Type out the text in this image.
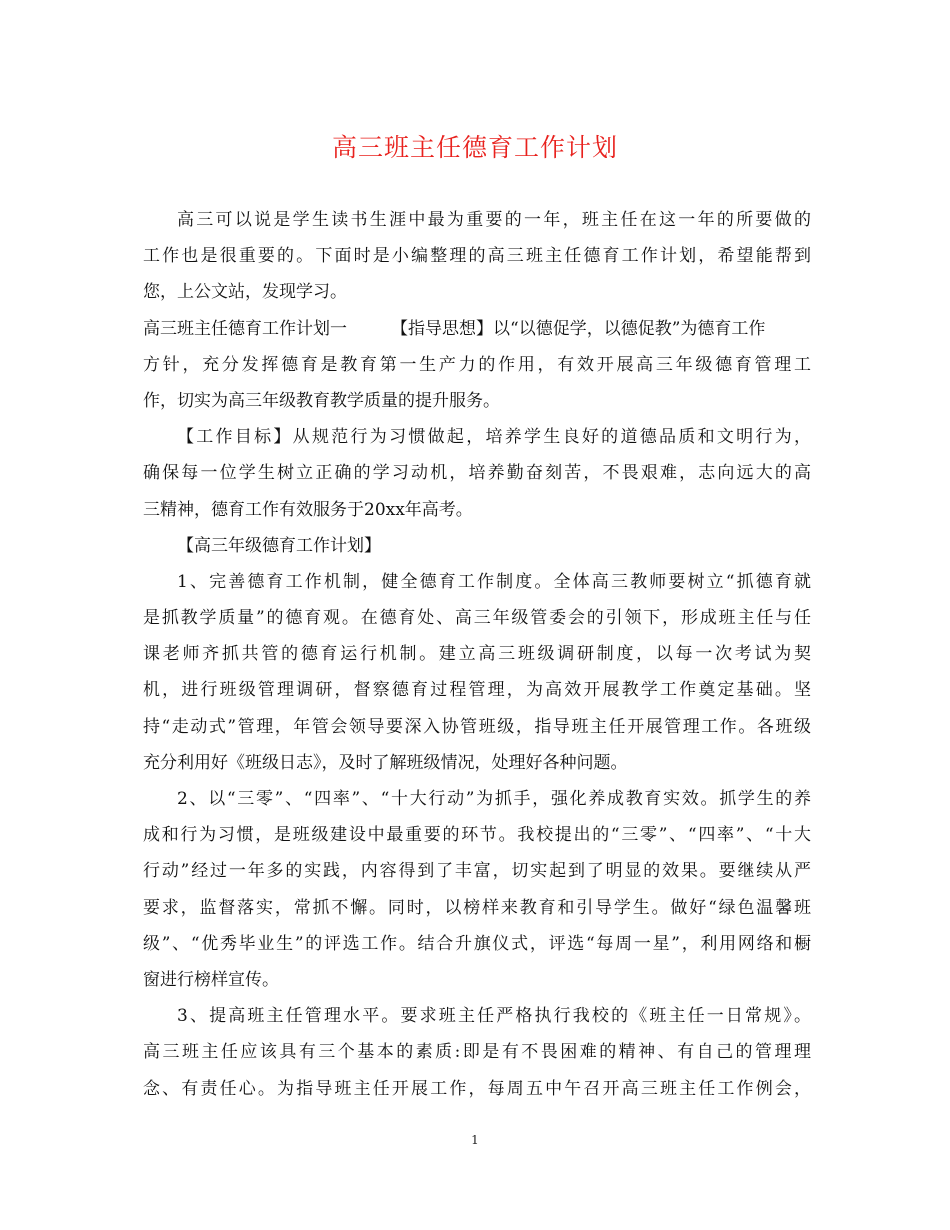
高三班主任德育工作计划
高三可以说是学生读书生涯中最为重要的一年，班主任在这一年的所要做的
工作也是很重要的。下面时是小编整理的高三班主任德育工作计划，希望能帮到
您，上公文站，发现学习。
高三班主任德育工作计划一	【指导思想】以“以德促学，以德促教”为德育工作
方针，充分发挥德育是教育第一生产力的作用，有效开展高三年级德育管理工
作，切实为高三年级教育教学质量的提升服务。
【工作目标】从规范行为习惯做起，培养学生良好的道德品质和文明行为，
确保每一位学生树立正确的学习动机，培养勤奋刻苦，不畏艰难，志向远大的高
三精神，德育工作有效服务于20xx年高考。
【高三年级德育工作计划】
1、完善德育工作机制，健全德育工作制度。全体高三教师要树立“抓德育就
是抓教学质量”的德育观。在德育处、高三年级管委会的引领下，形成班主任与任
课老师齐抓共管的德育运行机制。建立高三班级调研制度，以每一次考试为契
机，进行班级管理调研，督察德育过程管理，为高效开展教学工作奠定基础。坚
持“走动式”管理，年管会领导要深入协管班级，指导班主任开展管理工作。各班级
充分利用好《班级日志》，及时了解班级情况，处理好各种问题。
2、以“三零”、“四率”、“十大行动”为抓手，强化养成教育实效。抓学生的养
成和行为习惯，是班级建设中最重要的环节。我校提出的“三零”、“四率”、“十大
行动”经过一年多的实践，内容得到了丰富，切实起到了明显的效果。要继续从严
要求，监督落实，常抓不懈。同时，以榜样来教育和引导学生。做好“绿色温馨班
级”、“优秀毕业生”的评选工作。结合升旗仪式，评选“每周一星”，利用网络和橱
窗进行榜样宣传。
3、提高班主任管理水平。要求班主任严格执行我校的《班主任一日常规》。
高三班主任应该具有三个基本的素质:即是有不畏困难的精神、有自己的管理理
念、有责任心。为指导班主任开展工作，每周五中午召开高三班主任工作例会，
1
